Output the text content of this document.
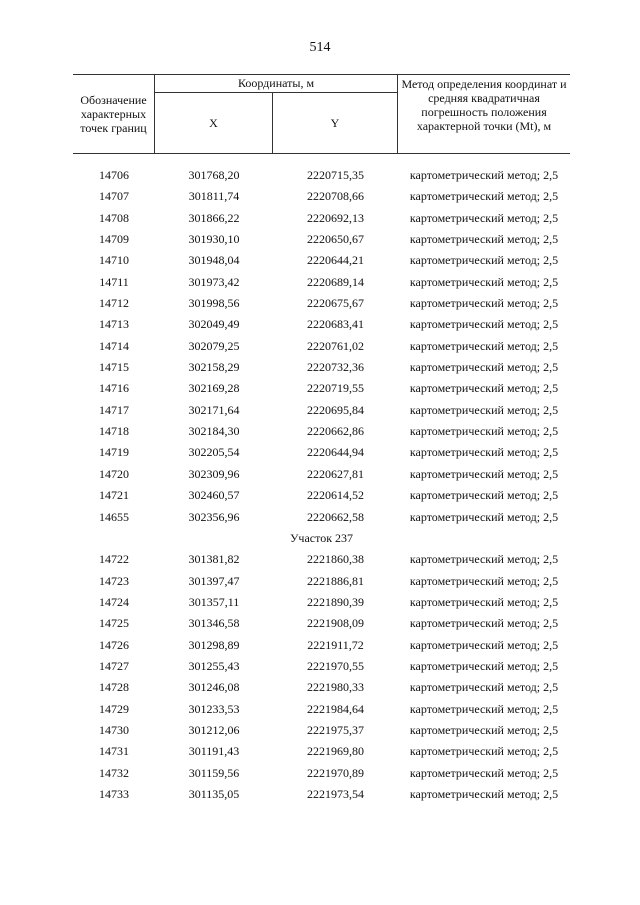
514
Обозначение характерных точек границ
Координаты, м
X	Y
Метод определения координат и средняя квадратичная погрешность положения характерной точки (Mt), м
14706	301768,20	2220715,35	картометрический метод; 2,5
14707	301811,74	2220708,66	картометрический метод; 2,5
14708	301866,22	2220692,13	картометрический метод; 2,5
14709	301930,10	2220650,67	картометрический метод; 2,5
14710	301948,04	2220644,21	картометрический метод; 2,5
14711	301973,42	2220689,14	картометрический метод; 2,5
14712	301998,56	2220675,67	картометрический метод; 2,5
14713	302049,49	2220683,41	картометрический метод; 2,5
14714	302079,25	2220761,02	картометрический метод; 2,5
14715	302158,29	2220732,36	картометрический метод; 2,5
14716	302169,28	2220719,55	картометрический метод; 2,5
14717	302171,64	2220695,84	картометрический метод; 2,5
14718	302184,30	2220662,86	картометрический метод; 2,5
14719	302205,54	2220644,94	картометрический метод; 2,5
14720	302309,96	2220627,81	картометрический метод; 2,5
14721	302460,57	2220614,52	картометрический метод; 2,5
14655	302356,96	2220662,58	картометрический метод; 2,5
Участок 237
14722	301381,82	2221860,38	картометрический метод; 2,5
14723	301397,47	2221886,81	картометрический метод; 2,5
14724	301357,11	2221890,39	картометрический метод; 2,5
14725	301346,58	2221908,09	картометрический метод; 2,5
14726	301298,89	2221911,72	картометрический метод; 2,5
14727	301255,43	2221970,55	картометрический метод; 2,5
14728	301246,08	2221980,33	картометрический метод; 2,5
14729	301233,53	2221984,64	картометрический метод; 2,5
14730	301212,06	2221975,37	картометрический метод; 2,5
14731	301191,43	2221969,80	картометрический метод; 2,5
14732	301159,56	2221970,89	картометрический метод; 2,5
14733	301135,05	2221973,54	картометрический метод; 2,5
